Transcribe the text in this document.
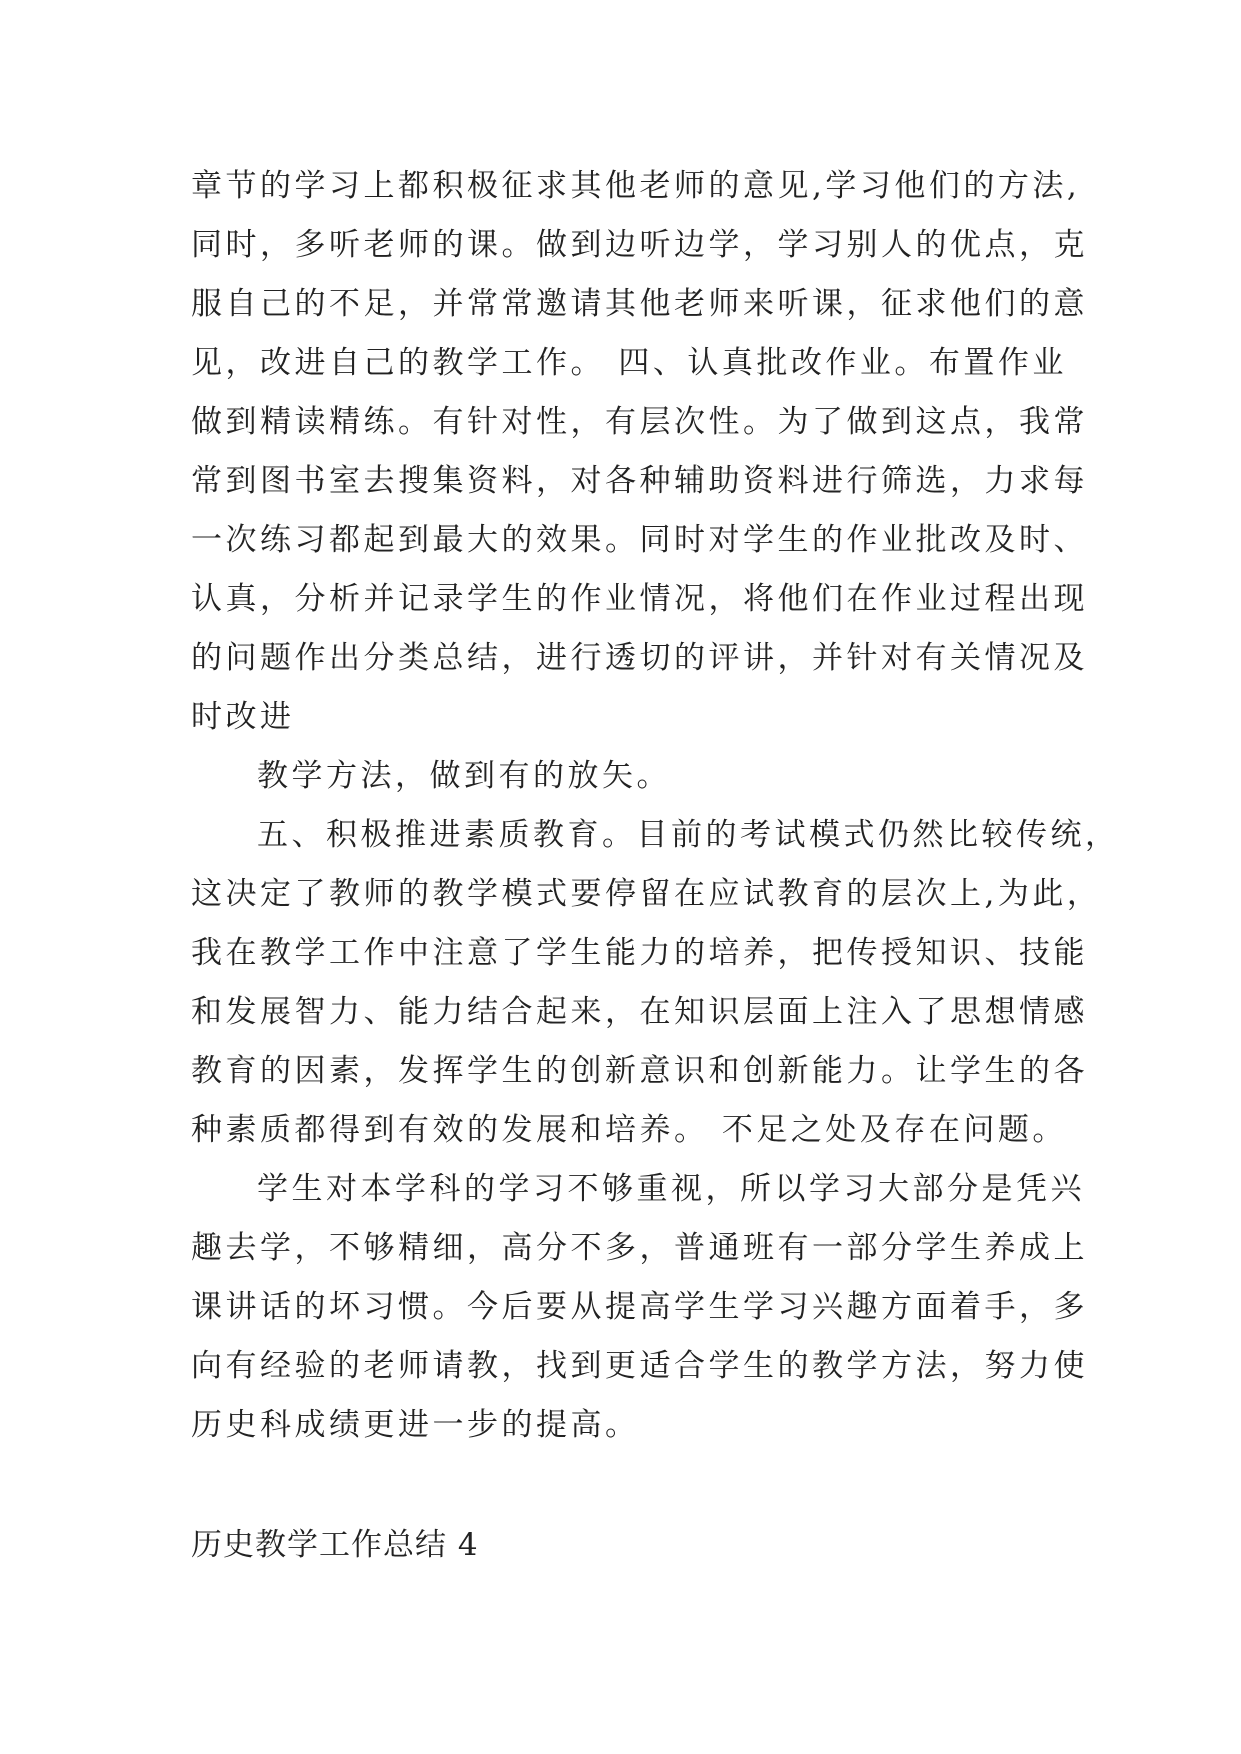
章节的学习上都积极征求其他老师的意见,学习他们的方法,
同时，多听老师的课。做到边听边学，学习别人的优点，克
服自己的不足，并常常邀请其他老师来听课，征求他们的意
见，改进自己的教学工作。 四、认真批改作业。布置作业
做到精读精练。有针对性，有层次性。为了做到这点，我常
常到图书室去搜集资料，对各种辅助资料进行筛选，力求每
一次练习都起到最大的效果。同时对学生的作业批改及时、
认真，分析并记录学生的作业情况，将他们在作业过程出现
的问题作出分类总结，进行透切的评讲，并针对有关情况及
时改进
教学方法，做到有的放矢。
五、积极推进素质教育。目前的考试模式仍然比较传统，
这决定了教师的教学模式要停留在应试教育的层次上,为此，
我在教学工作中注意了学生能力的培养，把传授知识、技能
和发展智力、能力结合起来，在知识层面上注入了思想情感
教育的因素，发挥学生的创新意识和创新能力。让学生的各
种素质都得到有效的发展和培养。 不足之处及存在问题。
学生对本学科的学习不够重视，所以学习大部分是凭兴
趣去学，不够精细，高分不多，普通班有一部分学生养成上
课讲话的坏习惯。今后要从提高学生学习兴趣方面着手，多
向有经验的老师请教，找到更适合学生的教学方法，努力使
历史科成绩更进一步的提高。
历史教学工作总结 4
